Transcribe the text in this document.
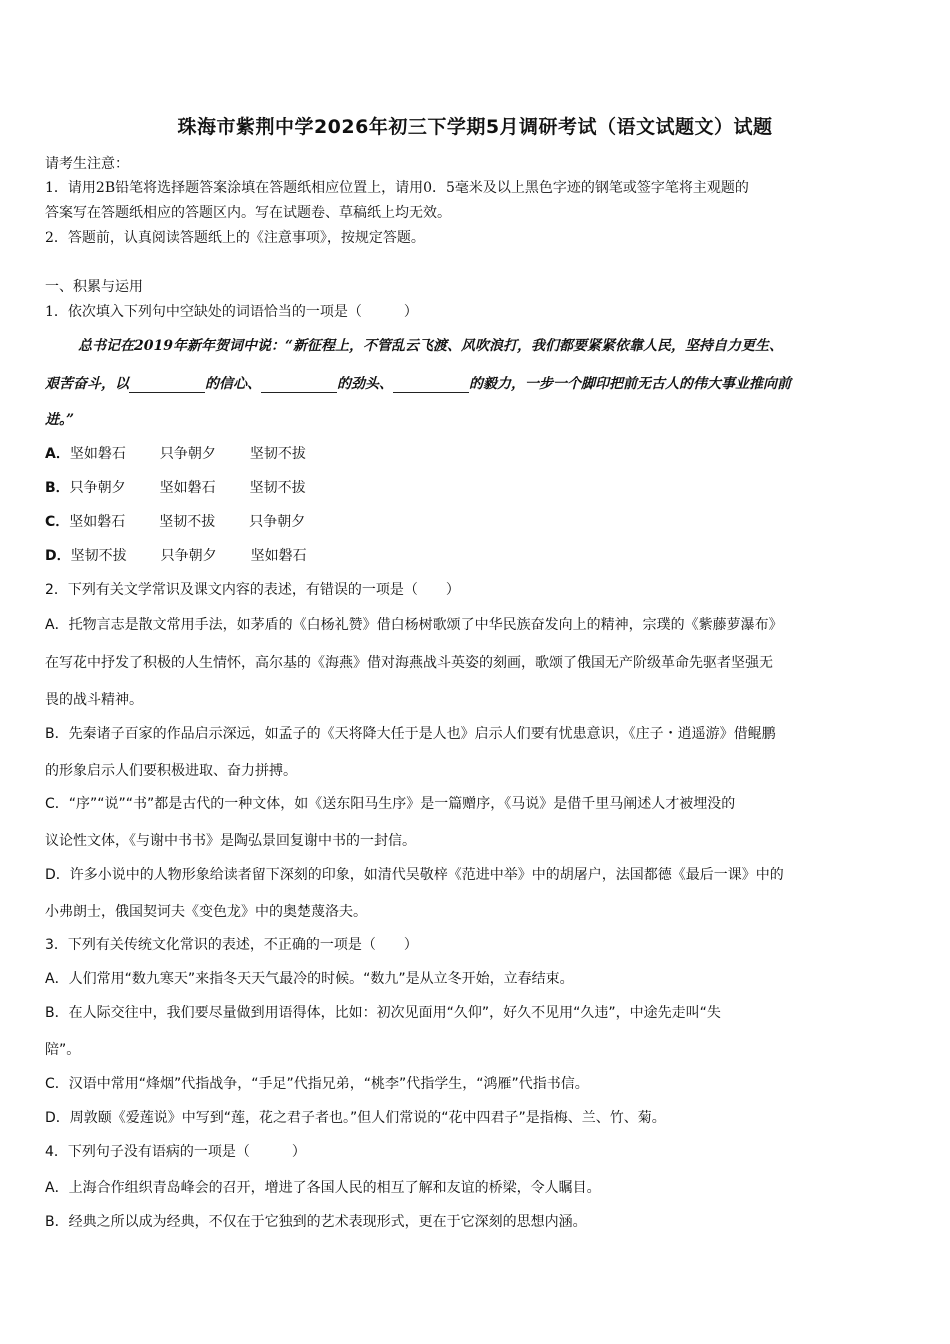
珠海市紫荆中学2026年初三下学期5月调研考试（语文试题文）试题
请考生注意：
1．请用2B铅笔将选择题答案涂填在答题纸相应位置上，请用0．5毫米及以上黑色字迹的钢笔或签字笔将主观题的
答案写在答题纸相应的答题区内。写在试题卷、草稿纸上均无效。
2．答题前，认真阅读答题纸上的《注意事项》，按规定答题。
一、积累与运用
1．依次填入下列句中空缺处的词语恰当的一项是（　　　）
总书记在2019年新年贺词中说：“新征程上，不管乱云飞渡、风吹浪打，我们都要紧紧依靠人民，坚持自力更生、
艰苦奋斗，以	的信心、	的劲头、	的毅力，一步一个脚印把前无古人的伟大事业推向前
进。”
A．坚如磐石 只争朝夕 坚韧不拔
B．只争朝夕 坚如磐石 坚韧不拔
C．坚如磐石 坚韧不拔 只争朝夕
D．坚韧不拔 只争朝夕 坚如磐石
2．下列有关文学常识及课文内容的表述，有错误的一项是（　　）
A．托物言志是散文常用手法，如茅盾的《白杨礼赞》借白杨树歌颂了中华民族奋发向上的精神，宗璞的《紫藤萝瀑布》
在写花中抒发了积极的人生情怀，高尔基的《海燕》借对海燕战斗英姿的刻画，歌颂了俄国无产阶级革命先驱者坚强无
畏的战斗精神。
B．先秦诸子百家的作品启示深远，如孟子的《天将降大任于是人也》启示人们要有忧患意识，《庄子・逍遥游》借鲲鹏
的形象启示人们要积极进取、奋力拼搏。
C．“序”“说”“书”都是古代的一种文体，如《送东阳马生序》是一篇赠序，《马说》是借千里马阐述人才被埋没的
议论性文体，《与谢中书书》是陶弘景回复谢中书的一封信。
D．许多小说中的人物形象给读者留下深刻的印象，如清代吴敬梓《范进中举》中的胡屠户，法国都德《最后一课》中的
小弗朗士，俄国契诃夫《变色龙》中的奥楚蔑洛夫。
3．下列有关传统文化常识的表述，不正确的一项是（　　）
A．人们常用“数九寒天”来指冬天天气最冷的时候。“数九”是从立冬开始，立春结束。
B．在人际交往中，我们要尽量做到用语得体，比如：初次见面用“久仰”，好久不见用“久违”，中途先走叫“失
陪”。
C．汉语中常用“烽烟”代指战争，“手足”代指兄弟，“桃李”代指学生，“鸿雁”代指书信。
D．周敦颐《爱莲说》中写到“莲，花之君子者也。”但人们常说的“花中四君子”是指梅、兰、竹、菊。
4．下列句子没有语病的一项是（　　　）
A．上海合作组织青岛峰会的召开，增进了各国人民的相互了解和友谊的桥梁，令人瞩目。
B．经典之所以成为经典，不仅在于它独到的艺术表现形式，更在于它深刻的思想内涵。
